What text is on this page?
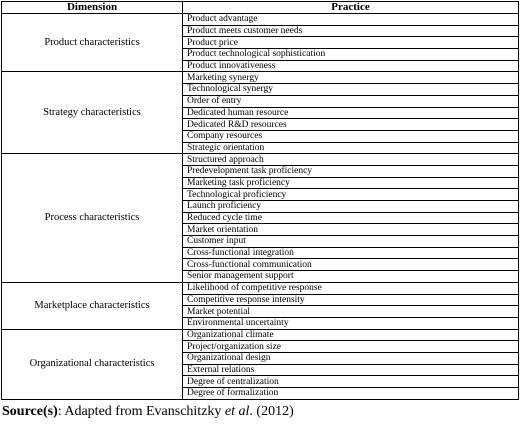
Dimension	Practice
Product characteristics	Product advantage
	Product meets customer needs
	Product price
	Product technological sophistication
	Product innovativeness
Strategy characteristics	Marketing synergy
	Technological synergy
	Order of entry
	Dedicated human resource
	Dedicated R&D resources
	Company resources
	Strategic orientation
Process characteristics	Structured approach
	Predevelopment task proficiency
	Marketing task proficiency
	Technological proficiency
	Launch proficiency
	Reduced cycle time
	Market orientation
	Customer input
	Cross-functional integration
	Cross-functional communication
	Senior management support
Marketplace characteristics	Likelihood of competitive response
	Competitive response intensity
	Market potential
	Environmental uncertainty
Organizational characteristics	Organizational climate
	Project/organization size
	Organizational design
	External relations
	Degree of centralization
	Degree of formalization
Source(s): Adapted from Evanschitzky et al. (2012)
